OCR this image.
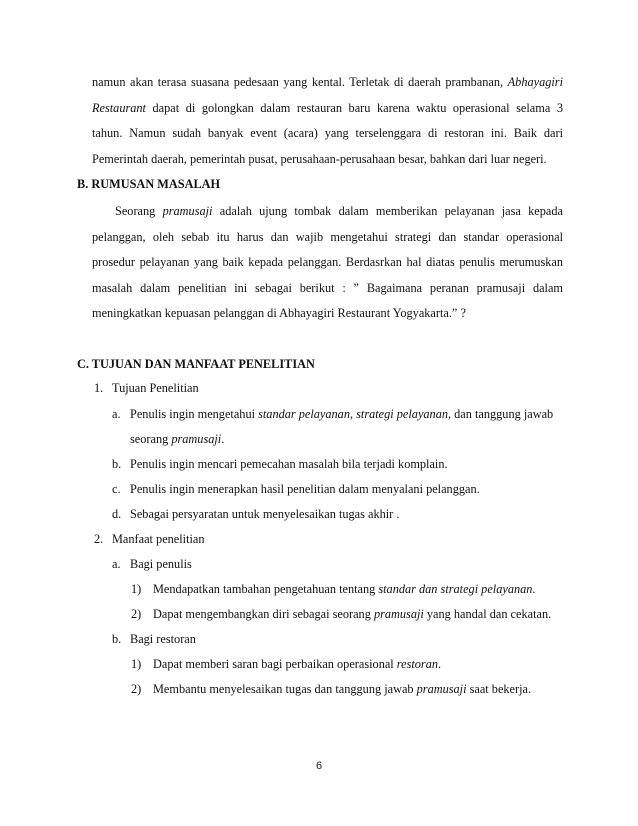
namun akan terasa suasana pedesaan yang kental. Terletak di daerah prambanan, Abhayagiri
Restaurant dapat di golongkan dalam restauran baru karena waktu operasional selama 3
tahun. Namun sudah banyak event (acara) yang terselenggara di restoran ini. Baik dari
Pemerintah daerah, pemerintah pusat, perusahaan-perusahaan besar, bahkan dari luar negeri.
B. RUMUSAN MASALAH
Seorang pramusaji adalah ujung tombak dalam memberikan pelayanan jasa kepada
pelanggan, oleh sebab itu harus dan wajib mengetahui strategi dan standar operasional
prosedur pelayanan yang baik kepada pelanggan. Berdasrkan hal diatas penulis merumuskan
masalah dalam penelitian ini sebagai berikut : ” Bagaimana peranan pramusaji dalam
meningkatkan kepuasan pelanggan di Abhayagiri Restaurant Yogyakarta.” ?
C. TUJUAN DAN MANFAAT PENELITIAN
1. Tujuan Penelitian
a. Penulis ingin mengetahui standar pelayanan, strategi pelayanan, dan tanggung jawab
seorang pramusaji.
b. Penulis ingin mencari pemecahan masalah bila terjadi komplain.
c. Penulis ingin menerapkan hasil penelitian dalam menyalani pelanggan.
d. Sebagai persyaratan untuk menyelesaikan tugas akhir .
2. Manfaat penelitian
a. Bagi penulis
1) Mendapatkan tambahan pengetahuan tentang standar dan strategi pelayanan.
2) Dapat mengembangkan diri sebagai seorang pramusaji yang handal dan cekatan.
b. Bagi restoran
1) Dapat memberi saran bagi perbaikan operasional restoran.
2) Membantu menyelesaikan tugas dan tanggung jawab pramusaji saat bekerja.
6
